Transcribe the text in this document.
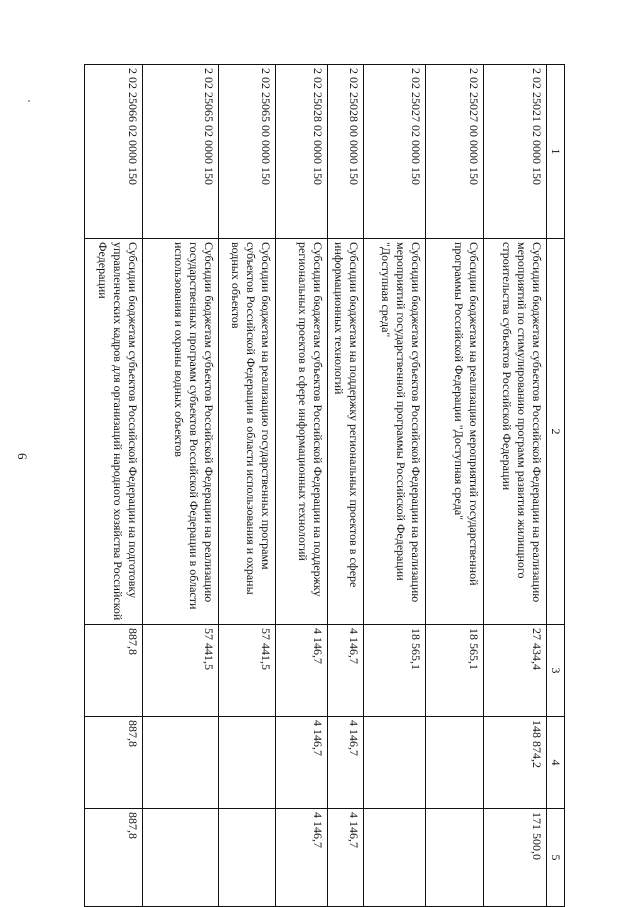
6
1	2	3	4	5
2 02 25021 02 0000 150	Субсидии бюджетам субъектов Российской Федерации на реализацию мероприятий по стимулированию программ развития жилищного строительства субъектов Российской Федерации	27 434,4	148 874,2	171 500,0
2 02 25027 00 0000 150	Субсидии бюджетам на реализацию мероприятий государственной программы Российской Федерации "Доступная среда"	18 565,1		
2 02 25027 02 0000 150	Субсидии бюджетам субъектов Российской Федерации на реализацию мероприятий государственной программы Российской Федерации "Доступная среда"	18 565,1		
2 02 25028 00 0000 150	Субсидии бюджетам на поддержку региональных проектов в сфере информационных технологий	4 146,7	4 146,7	4 146,7
2 02 25028 02 0000 150	Субсидии бюджетам субъектов Российской Федерации на поддержку региональных проектов в сфере информационных технологий	4 146,7	4 146,7	4 146,7
2 02 25065 00 0000 150	Субсидии бюджетам на реализацию государственных программ субъектов Российской Федерации в области использования и охраны водных объектов	57 441,5		
2 02 25065 02 0000 150	Субсидии бюджетам субъектов Российской Федерации на реализацию государственных программ субъектов Российской Федерации в области использования и охраны водных объектов	57 441,5		
2 02 25066 02 0000 150	Субсидии бюджетам субъектов Российской Федерации на подготовку управленческих кадров для организаций народного хозяйства Российской Федерации	887,8	887,8	887,8
